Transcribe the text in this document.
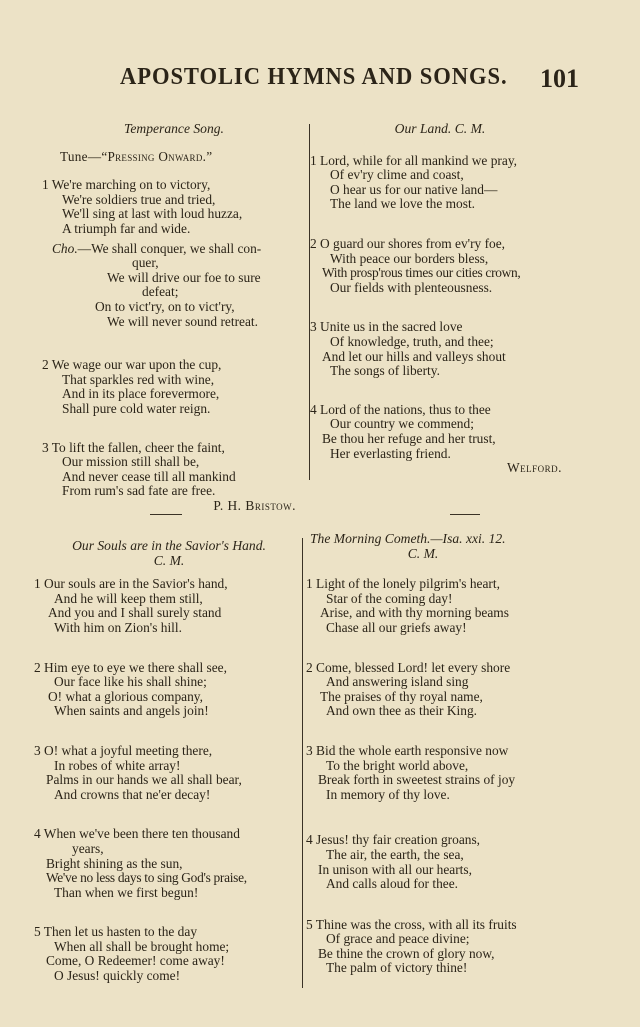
APOSTOLIC HYMNS AND SONGS. 101
Temperance Song.
Tune—“Pressing Onward.”
1 We're marching on to victory,
We're soldiers true and tried,
We'll sing at last with loud huzza,
A triumph far and wide.
Cho.—We shall conquer, we shall con-
quer,
We will drive our foe to sure
defeat;
On to vict'ry, on to vict'ry,
We will never sound retreat.
2 We wage our war upon the cup,
That sparkles red with wine,
And in its place forevermore,
Shall pure cold water reign.
3 To lift the fallen, cheer the faint,
Our mission still shall be,
And never cease till all mankind
From rum's sad fate are free.
P. H. Bristow.
Our Land. C. M.
1 Lord, while for all mankind we pray,
Of ev'ry clime and coast,
O hear us for our native land—
The land we love the most.
2 O guard our shores from ev'ry foe,
With peace our borders bless,
With prosp'rous times our cities crown,
Our fields with plenteousness.
3 Unite us in the sacred love
Of knowledge, truth, and thee;
And let our hills and valleys shout
The songs of liberty.
4 Lord of the nations, thus to thee
Our country we commend;
Be thou her refuge and her trust,
Her everlasting friend.
Welford.
Our Souls are in the Savior's Hand.
C. M.
1 Our souls are in the Savior's hand,
And he will keep them still,
And you and I shall surely stand
With him on Zion's hill.
2 Him eye to eye we there shall see,
Our face like his shall shine;
O! what a glorious company,
When saints and angels join!
3 O! what a joyful meeting there,
In robes of white array!
Palms in our hands we all shall bear,
And crowns that ne'er decay!
4 When we've been there ten thousand
years,
Bright shining as the sun,
We've no less days to sing God's praise,
Than when we first begun!
5 Then let us hasten to the day
When all shall be brought home;
Come, O Redeemer! come away!
O Jesus! quickly come!
The Morning Cometh.—Isa. xxi. 12.
C. M.
1 Light of the lonely pilgrim's heart,
Star of the coming day!
Arise, and with thy morning beams
Chase all our griefs away!
2 Come, blessed Lord! let every shore
And answering island sing
The praises of thy royal name,
And own thee as their King.
3 Bid the whole earth responsive now
To the bright world above,
Break forth in sweetest strains of joy
In memory of thy love.
4 Jesus! thy fair creation groans,
The air, the earth, the sea,
In unison with all our hearts,
And calls aloud for thee.
5 Thine was the cross, with all its fruits
Of grace and peace divine;
Be thine the crown of glory now,
The palm of victory thine!
